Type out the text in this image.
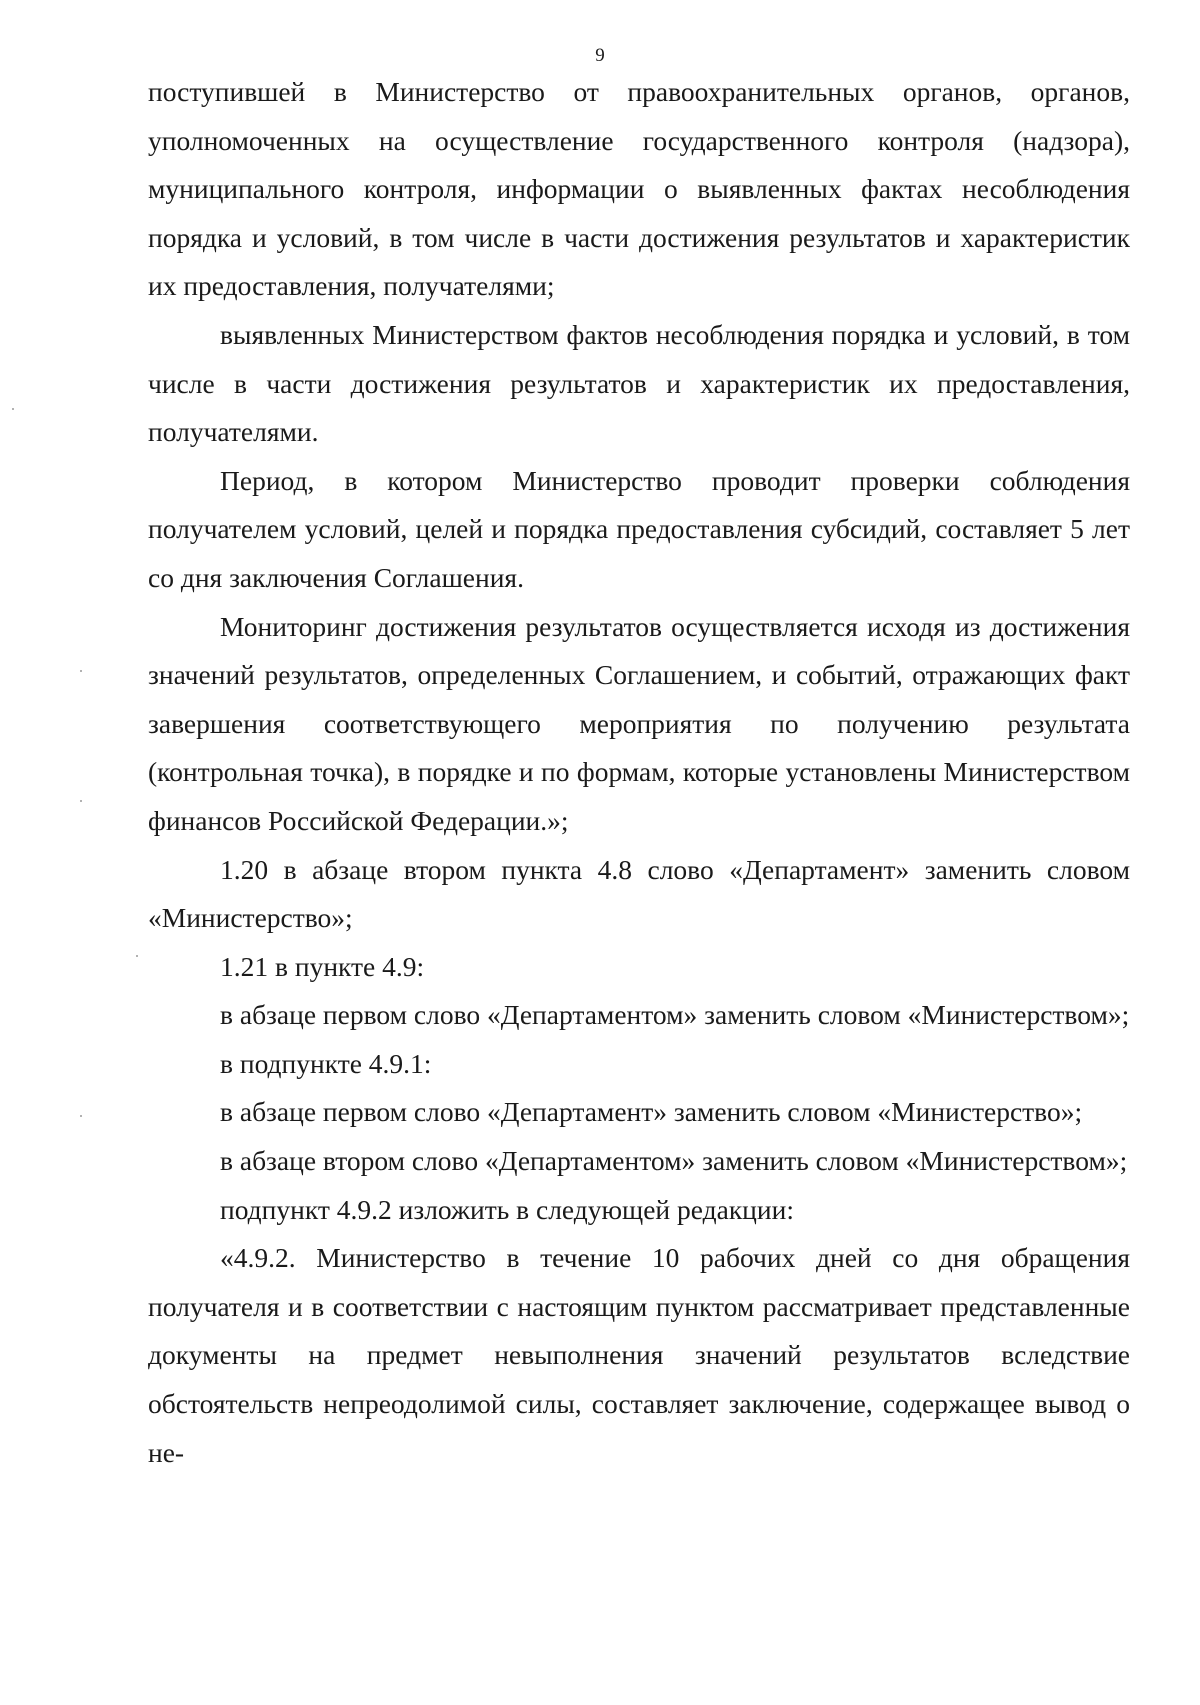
9

поступившей в Министерство от правоохранительных органов, органов, уполномоченных на осуществление государственного контроля (надзора), муниципального контроля, информации о выявленных фактах несоблюдения порядка и условий, в том числе в части достижения результатов и характеристик их предоставления, получателями;

выявленных Министерством фактов несоблюдения порядка и условий, в том числе в части достижения результатов и характеристик их предоставления, получателями.

Период, в котором Министерство проводит проверки соблюдения получателем условий, целей и порядка предоставления субсидий, составляет 5 лет со дня заключения Соглашения.

Мониторинг достижения результатов осуществляется исходя из достижения значений результатов, определенных Соглашением, и событий, отражающих факт завершения соответствующего мероприятия по получению результата (контрольная точка), в порядке и по формам, которые установлены Министерством финансов Российской Федерации.»;

1.20 в абзаце втором пункта 4.8 слово «Департамент» заменить словом «Министерство»;

1.21 в пункте 4.9:

в абзаце первом слово «Департаментом» заменить словом «Министерством»;

в подпункте 4.9.1:

в абзаце первом слово «Департамент» заменить словом «Министерство»;

в абзаце втором слово «Департаментом» заменить словом «Министерством»;

подпункт 4.9.2 изложить в следующей редакции:

«4.9.2. Министерство в течение 10 рабочих дней со дня обращения получателя и в соответствии с настоящим пунктом рассматривает представленные документы на предмет невыполнения значений результатов вследствие обстоятельств непреодолимой силы, составляет заключение, содержащее вывод о не-
